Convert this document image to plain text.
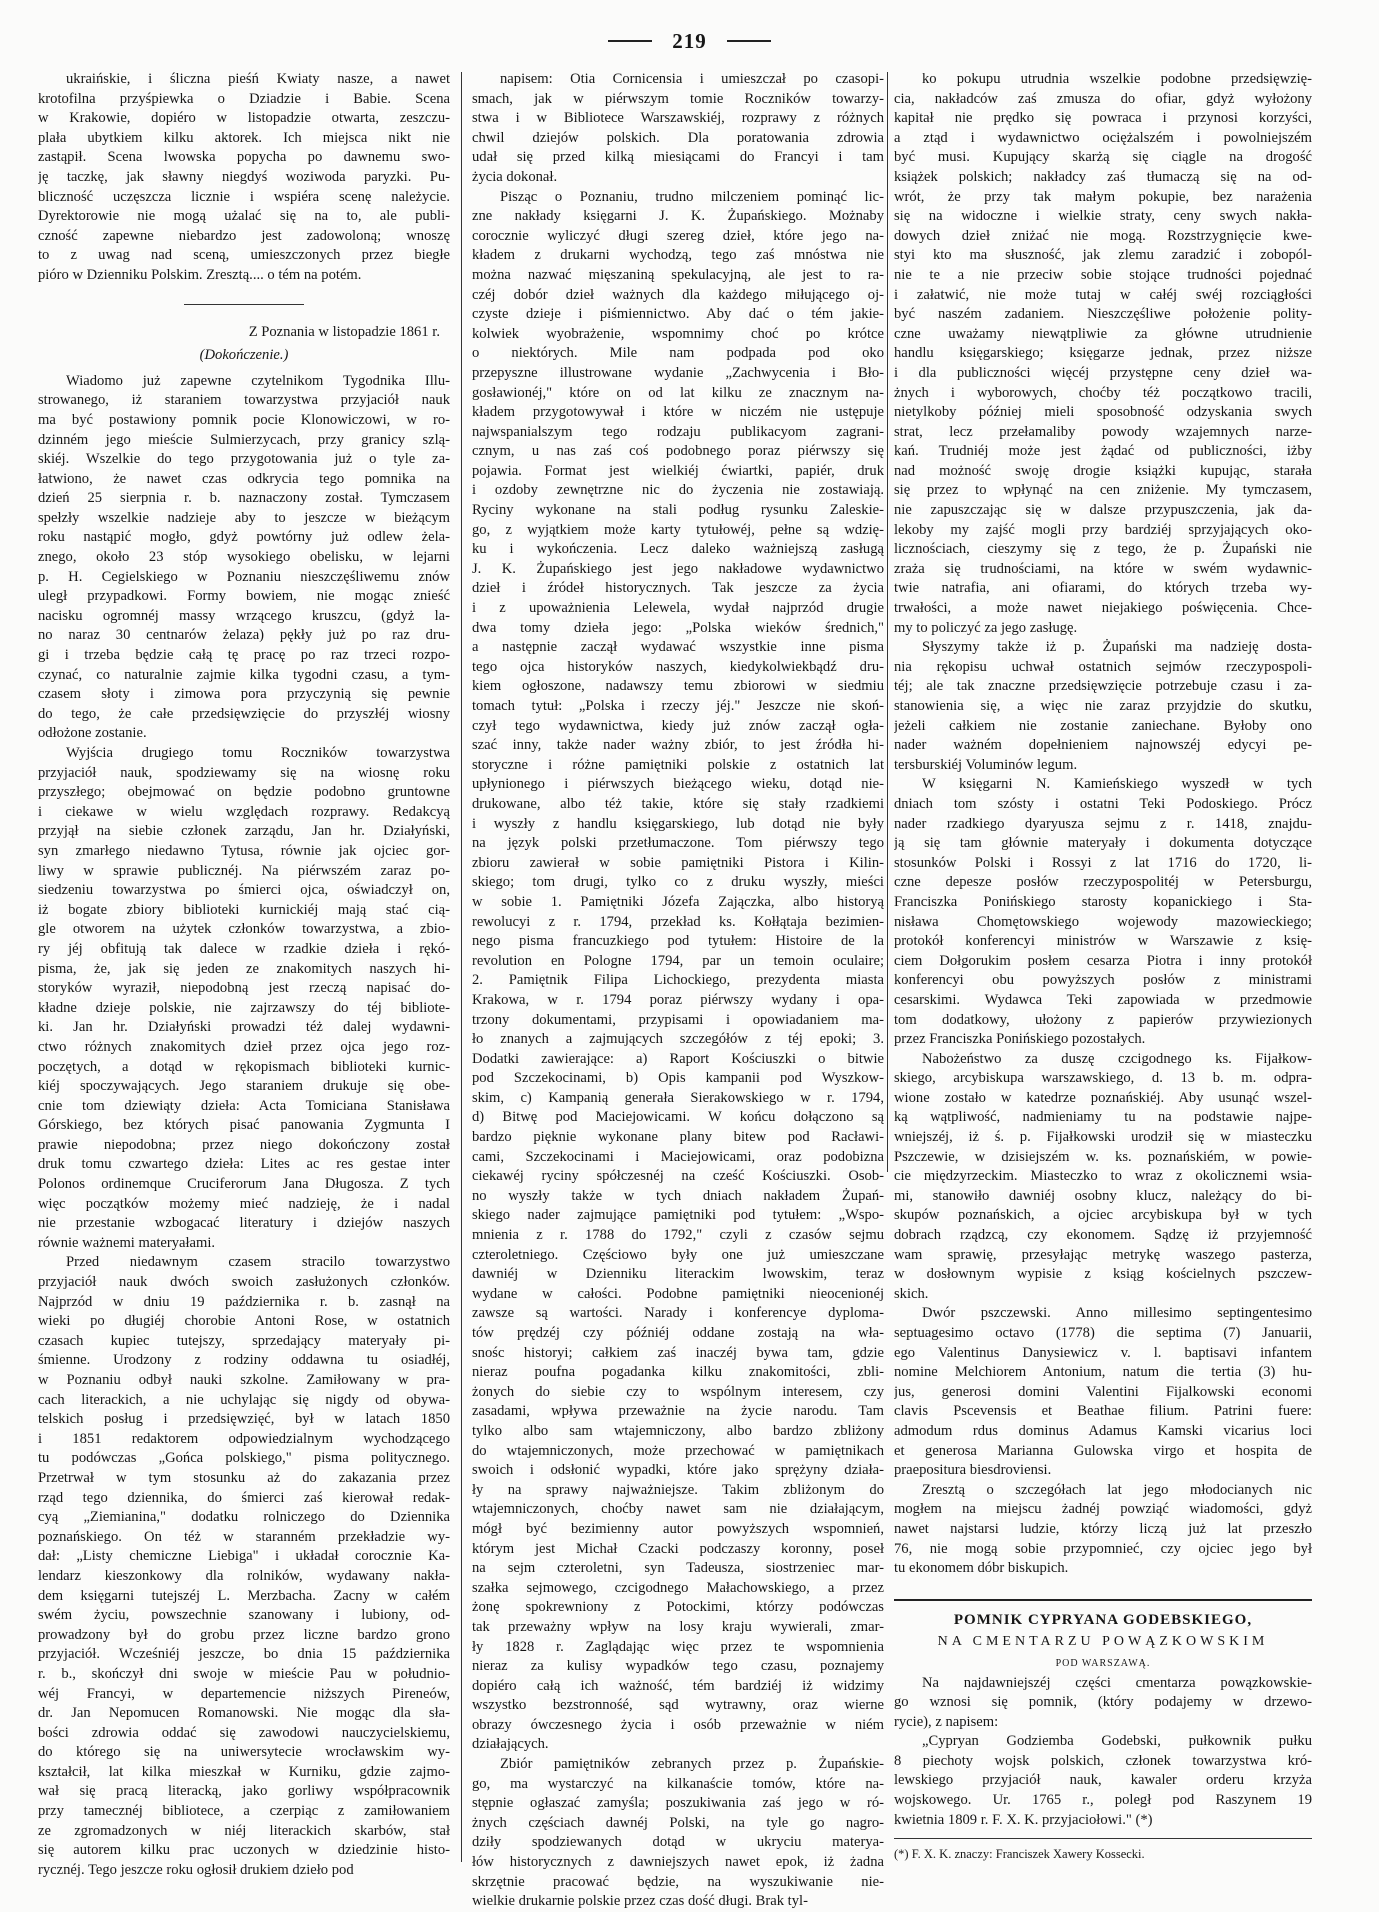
219
ukraińskie, i śliczna pieśń Kwiaty nasze, a nawet
krotofilna przyśpiewka o Dziadzie i Babie. Scena
w Krakowie, dopiéro w listopadzie otwarta, zeszczu-
plała ubytkiem kilku aktorek. Ich miejsca nikt nie
zastąpił. Scena lwowska popycha po dawnemu swo-
ję taczkę, jak sławny niegdyś woziwoda paryzki. Pu-
bliczność uczęszcza licznie i wspiéra scenę należycie.
Dyrektorowie nie mogą użalać się na to, ale publi-
czność zapewne niebardzo jest zadowoloną; wnoszę
to z uwag nad sceną, umieszczonych przez biegłe
pióro w Dzienniku Polskim. Zresztą.... o tém na potém.
Z Poznania w listopadzie 1861 r.
(Dokończenie.)
Wiadomo już zapewne czytelnikom Tygodnika Illu-
strowanego, iż staraniem towarzystwa przyjaciół nauk
ma być postawiony pomnik pocie Klonowiczowi, w ro-
dzinném jego mieście Sulmierzycach, przy granicy szlą-
skiéj. Wszelkie do tego przygotowania już o tyle za-
łatwiono, że nawet czas odkrycia tego pomnika na
dzień 25 sierpnia r. b. naznaczony został. Tymczasem
spełzły wszelkie nadzieje aby to jeszcze w bieżącym
roku nastąpić mogło, gdyż powtórny już odlew żela-
znego, około 23 stóp wysokiego obelisku, w lejarni
p. H. Cegielskiego w Poznaniu nieszczęśliwemu znów
uległ przypadkowi. Formy bowiem, nie mogąc znieść
nacisku ogromnéj massy wrzącego kruszcu, (gdyż la-
no naraz 30 centnarów żelaza) pękły już po raz dru-
gi i trzeba będzie całą tę pracę po raz trzeci rozpo-
czynać, co naturalnie zajmie kilka tygodni czasu, a tym-
czasem słoty i zimowa pora przyczynią się pewnie
do tego, że całe przedsięwzięcie do przyszłéj wiosny
odłożone zostanie.
Wyjścia drugiego tomu Roczników towarzystwa
przyjaciół nauk, spodziewamy się na wiosnę roku
przyszłego; obejmować on będzie podobno gruntowne
i ciekawe w wielu względach rozprawy. Redakcyą
przyjął na siebie członek zarządu, Jan hr. Działyński,
syn zmarłego niedawno Tytusa, równie jak ojciec gor-
liwy w sprawie publicznéj. Na piérwszém zaraz po-
siedzeniu towarzystwa po śmierci ojca, oświadczył on,
iż bogate zbiory biblioteki kurnickiéj mają stać cią-
gle otworem na użytek członków towarzystwa, a zbio-
ry jéj obfitują tak dalece w rzadkie dzieła i rękó-
pisma, że, jak się jeden ze znakomitych naszych hi-
storyków wyraził, niepodobną jest rzeczą napisać do-
kładne dzieje polskie, nie zajrzawszy do téj bibliote-
ki. Jan hr. Działyński prowadzi téż dalej wydawni-
ctwo różnych znakomitych dzieł przez ojca jego roz-
poczętych, a dotąd w rękopismach biblioteki kurnic-
kiéj spoczywających. Jego staraniem drukuje się obe-
cnie tom dziewiąty dzieła: Acta Tomiciana Stanisława
Górskiego, bez których pisać panowania Zygmunta I
prawie niepodobna; przez niego dokończony został
druk tomu czwartego dzieła: Lites ac res gestae inter
Polonos ordinemque Cruciferorum Jana Długosza. Z tych
więc początków możemy mieć nadzieję, że i nadal
nie przestanie wzbogacać literatury i dziejów naszych
równie ważnemi materyałami.
Przed niedawnym czasem stracilo towarzystwo
przyjaciół nauk dwóch swoich zasłużonych członków.
Najprzód w dniu 19 października r. b. zasnął na
wieki po długiéj chorobie Antoni Rose, w ostatnich
czasach kupiec tutejszy, sprzedający materyały pi-
śmienne. Urodzony z rodziny oddawna tu osiadłéj,
w Poznaniu odbył nauki szkolne. Zamiłowany w pra-
cach literackich, a nie uchylając się nigdy od obywa-
telskich posług i przedsięwzięć, był w latach 1850
i 1851 redaktorem odpowiedzialnym wychodzącego
tu podówczas „Gońca polskiego," pisma politycznego.
Przetrwał w tym stosunku aż do zakazania przez
rząd tego dziennika, do śmierci zaś kierował redak-
cyą „Ziemianina," dodatku rolniczego do Dziennika
poznańskiego. On téż w staranném przekładzie wy-
dał: „Listy chemiczne Liebiga" i układał corocznie Ka-
lendarz kieszonkowy dla rolników, wydawany nakła-
dem księgarni tutejszéj L. Merzbacha. Zacny w całém
swém życiu, powszechnie szanowany i lubiony, od-
prowadzony był do grobu przez liczne bardzo grono
przyjaciół. Wcześniéj jeszcze, bo dnia 15 października
r. b., skończył dni swoje w mieście Pau w południo-
wéj Francyi, w departemencie niższych Pireneów,
dr. Jan Nepomucen Romanowski. Nie mogąc dla sła-
bości zdrowia oddać się zawodowi nauczycielskiemu,
do którego się na uniwersytecie wrocławskim wy-
kształcił, lat kilka mieszkał w Kurniku, gdzie zajmo-
wał się pracą literacką, jako gorliwy współpracownik
przy tamecznéj bibliotece, a czerpiąc z zamiłowaniem
ze zgromadzonych w niéj literackich skarbów, stał
się autorem kilku prac uczonych w dziedzinie histo-
rycznéj. Tego jeszcze roku ogłosił drukiem dzieło pod
napisem: Otia Cornicensia i umieszczał po czasopi-
smach, jak w piérwszym tomie Roczników towarzy-
stwa i w Bibliotece Warszawskiéj, rozprawy z różnych
chwil dziejów polskich. Dla poratowania zdrowia
udał się przed kilką miesiącami do Francyi i tam
życia dokonał.
Pisząc o Poznaniu, trudno milczeniem pominąć lic-
zne nakłady księgarni J. K. Żupańskiego. Możnaby
corocznie wyliczyć długi szereg dzieł, które jego na-
kładem z drukarni wychodzą, tego zaś mnóstwa nie
można nazwać mięszaniną spekulacyjną, ale jest to ra-
czéj dobór dzieł ważnych dla każdego miłującego oj-
czyste dzieje i piśmiennictwo. Aby dać o tém jakie-
kolwiek wyobrażenie, wspomnimy choć po krótce
o niektórych. Mile nam podpada pod oko
przepyszne illustrowane wydanie „Zachwycenia i Bło-
gosławionéj," które on od lat kilku ze znacznym na-
kładem przygotowywał i które w niczém nie ustępuje
najwspanialszym tego rodzaju publikacyom zagrani-
cznym, u nas zaś coś podobnego poraz piérwszy się
pojawia. Format jest wielkiéj ćwiartki, papiér, druk
i ozdoby zewnętrzne nic do życzenia nie zostawiają.
Ryciny wykonane na stali podług rysunku Zaleskie-
go, z wyjątkiem może karty tytułowéj, pełne są wdzię-
ku i wykończenia. Lecz daleko ważniejszą zasługą
J. K. Żupańskiego jest jego nakładowe wydawnictwo
dzieł i źródeł historycznych. Tak jeszcze za życia
i z upoważnienia Lelewela, wydał najprzód drugie
dwa tomy dzieła jego: „Polska wieków średnich,"
a następnie zaczął wydawać wszystkie inne pisma
tego ojca historyków naszych, kiedykolwiekbądź dru-
kiem ogłoszone, nadawszy temu zbiorowi w siedmiu
tomach tytuł: „Polska i rzeczy jéj." Jeszcze nie skoń-
czył tego wydawnictwa, kiedy już znów zaczął ogła-
szać inny, także nader ważny zbiór, to jest źródła hi-
storyczne i różne pamiętniki polskie z ostatnich lat
upłynionego i piérwszych bieżącego wieku, dotąd nie-
drukowane, albo téż takie, które się stały rzadkiemi
i wyszły z handlu księgarskiego, lub dotąd nie były
na język polski przetłumaczone. Tom piérwszy tego
zbioru zawierał w sobie pamiętniki Pistora i Kilin-
skiego; tom drugi, tylko co z druku wyszły, mieści
w sobie 1. Pamiętniki Józefa Zajączka, albo historyą
rewolucyi z r. 1794, przekład ks. Kołłątaja bezimien-
nego pisma francuzkiego pod tytułem: Histoire de la
revolution en Pologne 1794, par un temoin oculaire;
2. Pamiętnik Filipa Lichockiego, prezydenta miasta
Krakowa, w r. 1794 poraz piérwszy wydany i opa-
trzony dokumentami, przypisami i opowiadaniem ma-
ło znanych a zajmujących szczegółów z téj epoki; 3.
Dodatki zawierające: a) Raport Kościuszki o bitwie
pod Szczekocinami, b) Opis kampanii pod Wyszkow-
skim, c) Kampanią generała Sierakowskiego w r. 1794,
d) Bitwę pod Maciejowicami. W końcu dołączono są
bardzo pięknie wykonane plany bitew pod Racławi-
cami, Szczekocinami i Maciejowicami, oraz podobizna
ciekawéj ryciny spółczesnéj na cześć Kościuszki. Osob-
no wyszły także w tych dniach nakładem Żupań-
skiego nader zajmujące pamiętniki pod tytułem: „Wspo-
mnienia z r. 1788 do 1792," czyli z czasów sejmu
czteroletniego. Częściowo były one już umieszczane
dawniéj w Dzienniku literackim lwowskim, teraz
wydane w całości. Podobne pamiętniki nieocenionéj
zawsze są wartości. Narady i konferencye dyploma-
tów prędzéj czy późniéj oddane zostają na wła-
snośc historyi; całkiem zaś inaczéj bywa tam, gdzie
nieraz poufna pogadanka kilku znakomitości, zbli-
żonych do siebie czy to wspólnym interesem, czy
zasadami, wpływa przeważnie na życie narodu. Tam
tylko albo sam wtajemniczony, albo bardzo zbliżony
do wtajemniczonych, może przechować w pamiętnikach
swoich i odsłonić wypadki, które jako sprężyny działa-
ły na sprawy najważniejsze. Takim zbliżonym do
wtajemniczonych, choćby nawet sam nie działającym,
mógł być bezimienny autor powyższych wspomnień,
którym jest Michał Czacki podczaszy koronny, poseł
na sejm czteroletni, syn Tadeusza, siostrzeniec mar-
szałka sejmowego, czcigodnego Małachowskiego, a przez
żonę spokrewniony z Potockimi, którzy podówczas
tak przeważny wpływ na losy kraju wywierali, zmar-
ły 1828 r. Zaglądając więc przez te wspomnienia
nieraz za kulisy wypadków tego czasu, poznajemy
dopiéro całą ich ważność, tém bardziéj iż widzimy
wszystko bezstronnośé, sąd wytrawny, oraz wierne
obrazy ówczesnego życia i osób przeważnie w niém
działających.
Zbiór pamiętników zebranych przez p. Żupańskie-
go, ma wystarczyć na kilkanaście tomów, które na-
stępnie ogłaszać zamyśla; poszukiwania zaś jego w ró-
żnych częściach dawnéj Polski, na tyle go nagro-
dziły spodziewanych dotąd w ukryciu materya-
łów historycznych z dawniejszych nawet epok, iż żadna
skrzętnie pracować będzie, na wyszukiwanie nie-
wielkie drukarnie polskie przez czas dość długi. Brak tyl-
ko pokupu utrudnia wszelkie podobne przedsięwzię-
cia, nakładców zaś zmusza do ofiar, gdyż wyłożony
kapitał nie prędko się powraca i przynosi korzyści,
a ztąd i wydawnictwo ociężalszém i powolniejszém
być musi. Kupujący skarżą się ciągle na drogość
książek polskich; nakładcy zaś tłumaczą się na od-
wrót, że przy tak małym pokupie, bez narażenia
się na widoczne i wielkie straty, ceny swych nakła-
dowych dzieł zniżać nie mogą. Rozstrzygnięcie kwe-
styi kto ma słuszność, jak zlemu zaradzić i zobopól-
nie te a nie przeciw sobie stojące trudności pojednać
i załatwić, nie może tutaj w całéj swéj rozciągłości
być naszém zadaniem. Nieszczęśliwe położenie polity-
czne uważamy niewątpliwie za główne utrudnienie
handlu księgarskiego; księgarze jednak, przez niższe
i dla publiczności więcéj przystępne ceny dzieł wa-
żnych i wyborowych, choćby téż początkowo tracili,
nietylkoby później mieli sposobność odzyskania swych
strat, lecz przełamaliby powody wzajemnych narze-
kań. Trudniéj może jest żądać od publiczności, iżby
nad możność swoję drogie książki kupując, starała
się przez to wpłynąć na cen zniżenie. My tymczasem,
nie zapuszczając się w dalsze przypuszczenia, jak da-
lekoby my zajść mogli przy bardziéj sprzyjających oko-
licznościach, cieszymy się z tego, że p. Żupański nie
zraża się trudnościami, na które w swém wydawnic-
twie natrafia, ani ofiarami, do których trzeba wy-
trwałości, a może nawet niejakiego poświęcenia. Chce-
my to policzyć za jego zasługę.
Słyszymy także iż p. Żupański ma nadzieję dosta-
nia rękopisu uchwał ostatnich sejmów rzeczypospoli-
téj; ale tak znaczne przedsięwzięcie potrzebuje czasu i za-
stanowienia się, a więc nie zaraz przyjdzie do skutku,
jeżeli całkiem nie zostanie zaniechane. Byłoby ono
nader ważném dopełnieniem najnowszéj edycyi pe-
tersburskiéj Voluminów legum.
W księgarni N. Kamieńskiego wyszedł w tych
dniach tom szósty i ostatni Teki Podoskiego. Prócz
nader rzadkiego dyaryusza sejmu z r. 1418, znajdu-
ją się tam głównie materyały i dokumenta dotyczące
stosunków Polski i Rossyi z lat 1716 do 1720, li-
czne depesze posłów rzeczypospolitéj w Petersburgu,
Franciszka Ponińskiego starosty kopanickiego i Sta-
nisława Chomętowskiego wojewody mazowieckiego;
protokół konferencyi ministrów w Warszawie z księ-
ciem Dołgorukim posłem cesarza Piotra i inny protokół
konferencyi obu powyższych posłów z ministrami
cesarskimi. Wydawca Teki zapowiada w przedmowie
tom dodatkowy, ułożony z papierów przywiezionych
przez Franciszka Ponińskiego pozostałych.
Nabożeństwo za duszę czcigodnego ks. Fijałkow-
skiego, arcybiskupa warszawskiego, d. 13 b. m. odpra-
wione zostało w katedrze poznańskiéj. Aby usunąć wszel-
ką wątpliwość, nadmieniamy tu na podstawie najpe-
wniejszéj, iż ś. p. Fijałkowski urodził się w miasteczku
Pszczewie, w dzisiejszém w. ks. poznańskiém, w powie-
cie międzyrzeckim. Miasteczko to wraz z okolicznemi wsia-
mi, stanowiło dawniéj osobny klucz, należący do bi-
skupów poznańskich, a ojciec arcybiskupa był w tych
dobrach rządzcą, czy ekonomem. Sądzę iż przyjemność
wam sprawię, przesyłając metrykę waszego pasterza,
w dosłownym wypisie z ksiąg kościelnych pszczew-
skich.
Dwór pszczewski. Anno millesimo septingentesimo
septuagesimo octavo (1778) die septima (7) Januarii,
ego Valentinus Danysiewicz v. l. baptisavi infantem
nomine Melchiorem Antonium, natum die tertia (3) hu-
jus, generosi domini Valentini Fijalkowski economi
clavis Pscevensis et Beathae filium. Patrini fuere:
admodum rdus dominus Adamus Kamski vicarius loci
et generosa Marianna Gulowska virgo et hospita de
praepositura biesdroviensi.
Zresztą o szczegółach lat jego młodocianych nic
mogłem na miejscu żadnéj powziąć wiadomości, gdyż
nawet najstarsi ludzie, którzy liczą już lat przeszło
76, nie mogą sobie przypomnieć, czy ojciec jego był
tu ekonomem dóbr biskupich.
POMNIK CYPRYANA GODEBSKIEGO,
NA CMENTARZU POWĄZKOWSKIM
POD WARSZAWĄ.
Na najdawniejszéj części cmentarza powązkowskie-
go wznosi się pomnik, (który podajemy w drzewo-
rycie), z napisem:
„Cypryan Godziemba Godebski, pułkownik pułku
8 piechoty wojsk polskich, członek towarzystwa kró-
lewskiego przyjaciół nauk, kawaler orderu krzyża
wojskowego. Ur. 1765 r., poległ pod Raszynem 19
kwietnia 1809 r. F. X. K. przyjaciołowi." (*)
(*) F. X. K. znaczy: Franciszek Xawery Kossecki.
